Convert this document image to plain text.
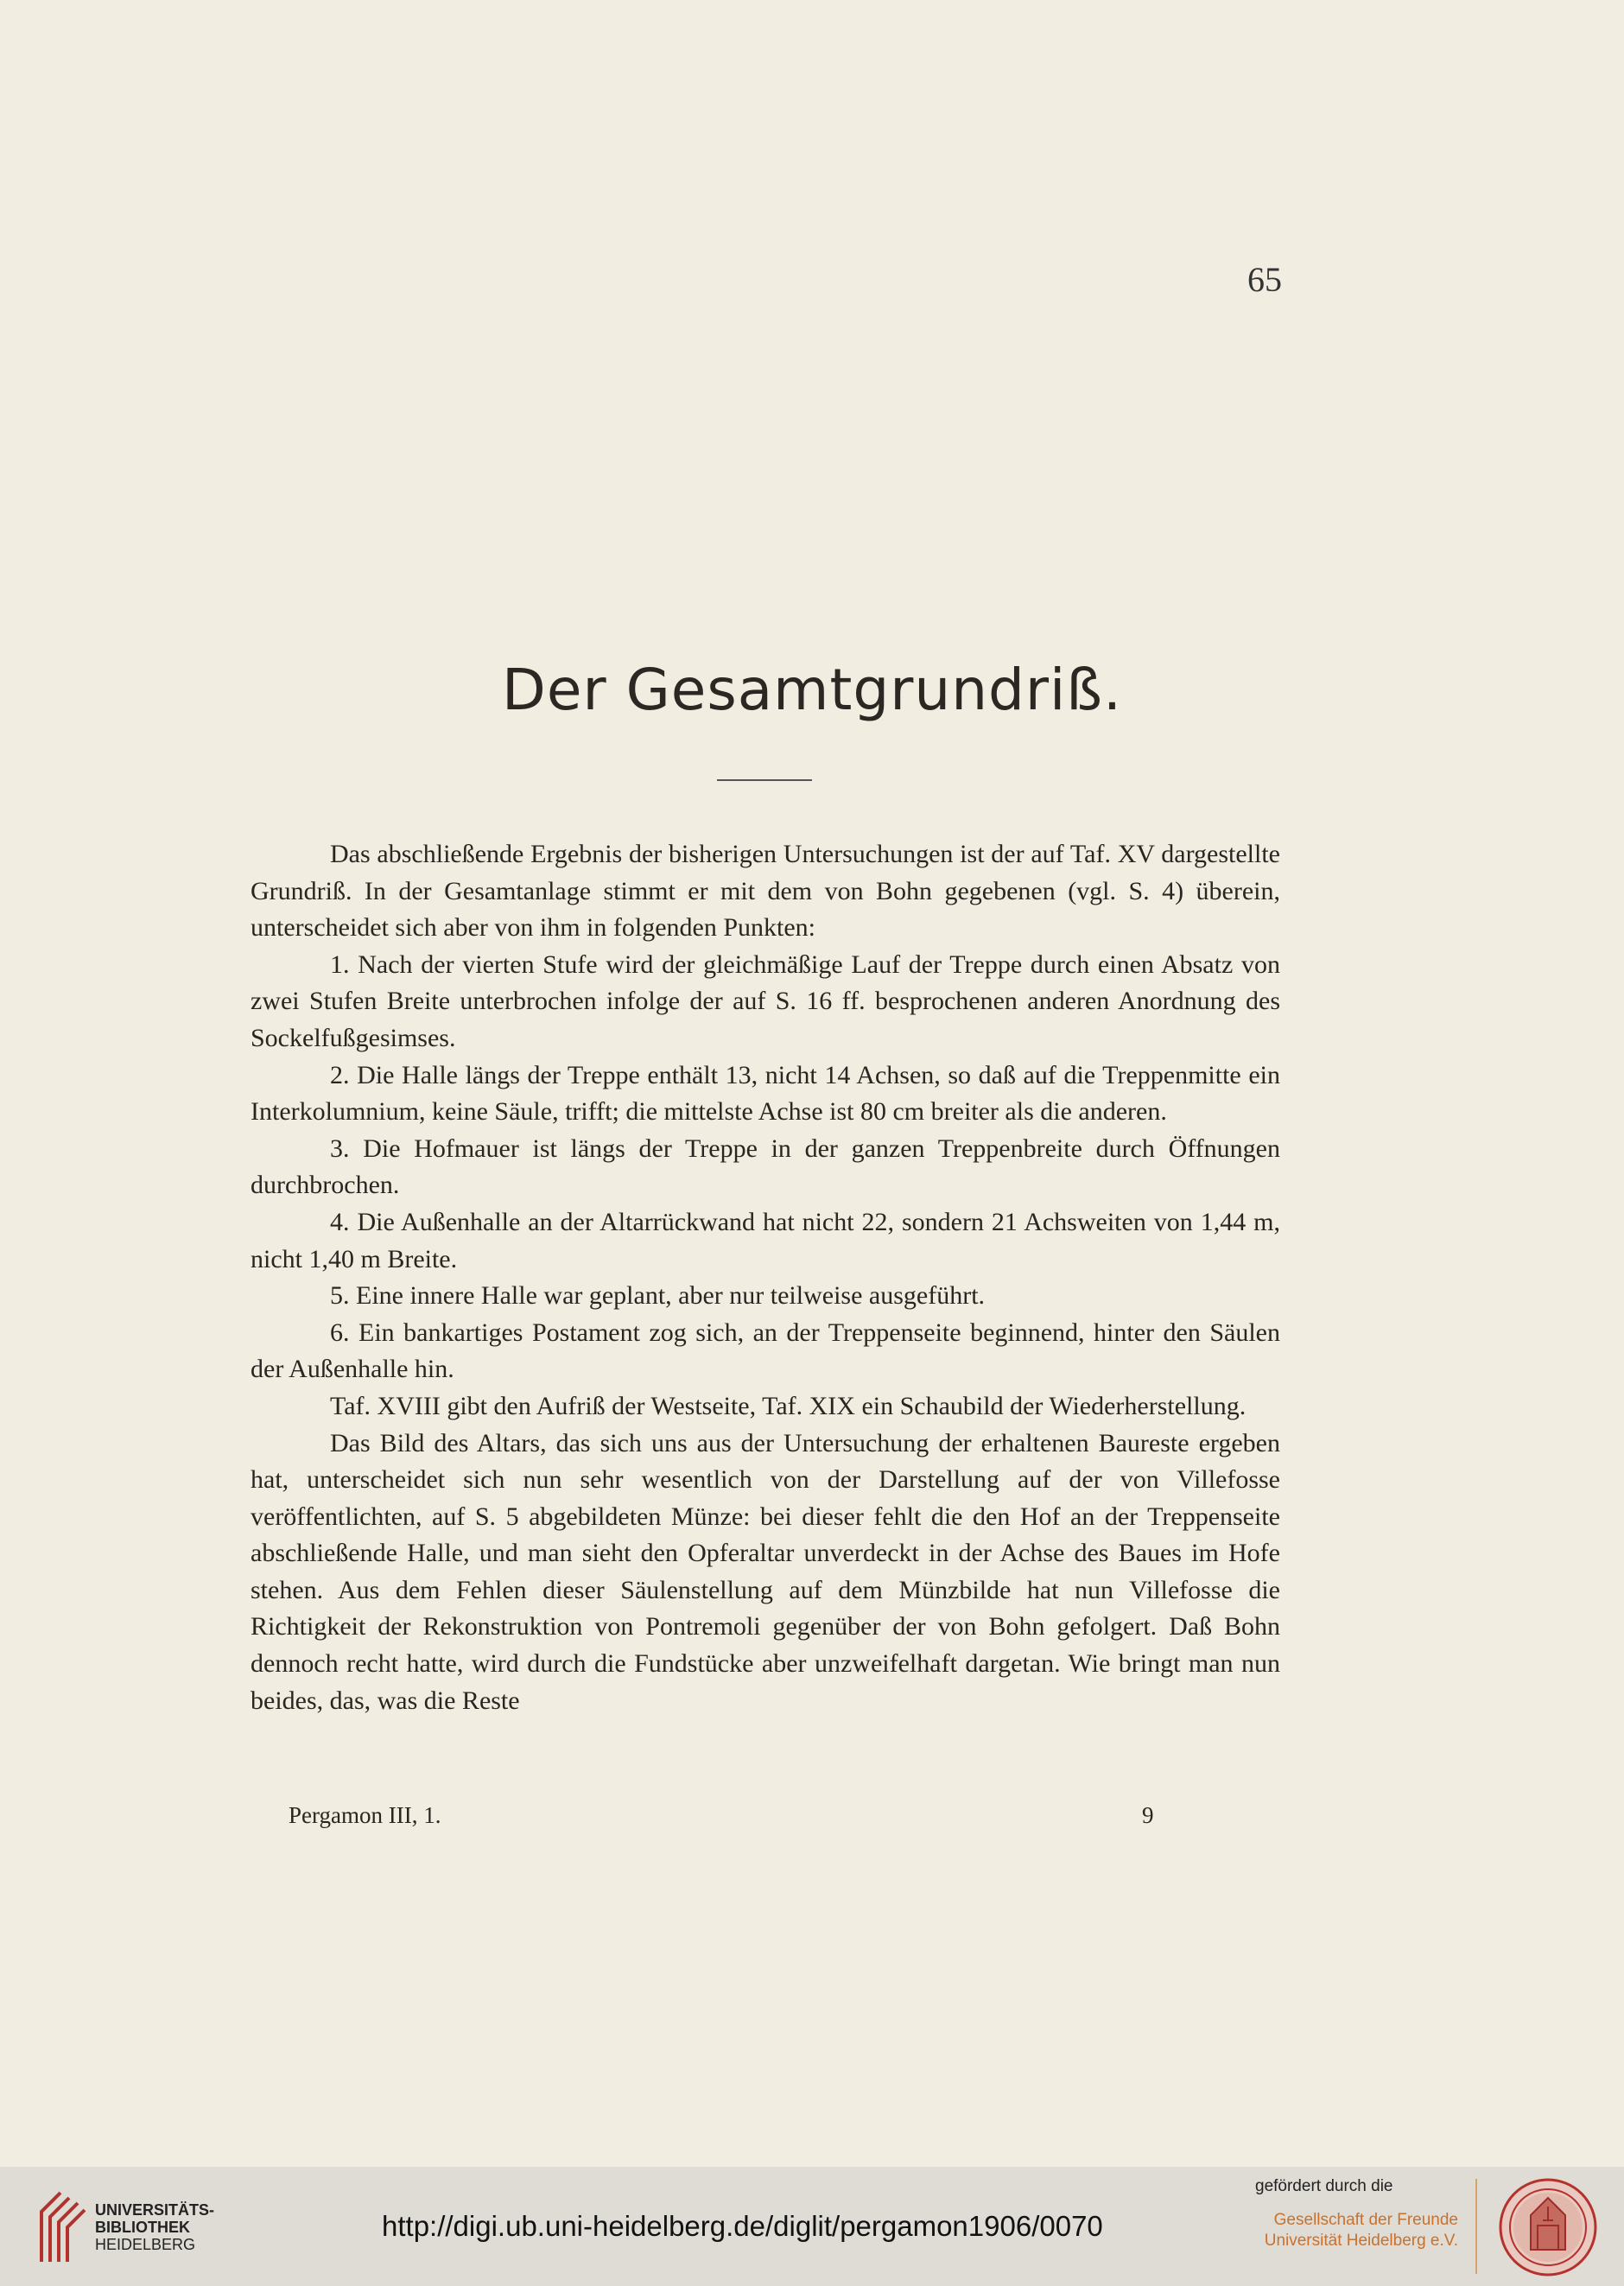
65
Der Gesamtgrundriß.

Das abschließende Ergebnis der bisherigen Untersuchungen ist der auf Taf. XV dargestellte Grundriß. In der Gesamtanlage stimmt er mit dem von Bohn gegebenen (vgl. S. 4) überein, unterscheidet sich aber von ihm in folgenden Punkten:

1. Nach der vierten Stufe wird der gleichmäßige Lauf der Treppe durch einen Absatz von zwei Stufen Breite unterbrochen infolge der auf S. 16 ff. besprochenen anderen Anordnung des Sockelfußgesimses.

2. Die Halle längs der Treppe enthält 13, nicht 14 Achsen, so daß auf die Treppenmitte ein Interkolumnium, keine Säule, trifft; die mittelste Achse ist 80 cm breiter als die anderen.

3. Die Hofmauer ist längs der Treppe in der ganzen Treppenbreite durch Öffnungen durchbrochen.

4. Die Außenhalle an der Altarrückwand hat nicht 22, sondern 21 Achsweiten von 1,44 m, nicht 1,40 m Breite.

5. Eine innere Halle war geplant, aber nur teilweise ausgeführt.

6. Ein bankartiges Postament zog sich, an der Treppenseite beginnend, hinter den Säulen der Außenhalle hin.

Taf. XVIII gibt den Aufriß der Westseite, Taf. XIX ein Schaubild der Wiederherstellung.

Das Bild des Altars, das sich uns aus der Untersuchung der erhaltenen Baureste ergeben hat, unterscheidet sich nun sehr wesentlich von der Darstellung auf der von Villefosse veröffentlichten, auf S. 5 abgebildeten Münze: bei dieser fehlt die den Hof an der Treppenseite abschließende Halle, und man sieht den Opferaltar unverdeckt in der Achse des Baues im Hofe stehen. Aus dem Fehlen dieser Säulenstellung auf dem Münzbilde hat nun Villefosse die Richtigkeit der Rekonstruktion von Pontremoli gegenüber der von Bohn gefolgert. Daß Bohn dennoch recht hatte, wird durch die Fundstücke aber unzweifelhaft dargetan. Wie bringt man nun beides, das, was die Reste

Pergamon III, 1.	9
UNIVERSITÄTS-
BIBLIOTHEK
HEIDELBERG
http://digi.ub.uni-heidelberg.de/diglit/pergamon1906/0070
gefördert durch die
Gesellschaft der Freunde
Universität Heidelberg e.V.
